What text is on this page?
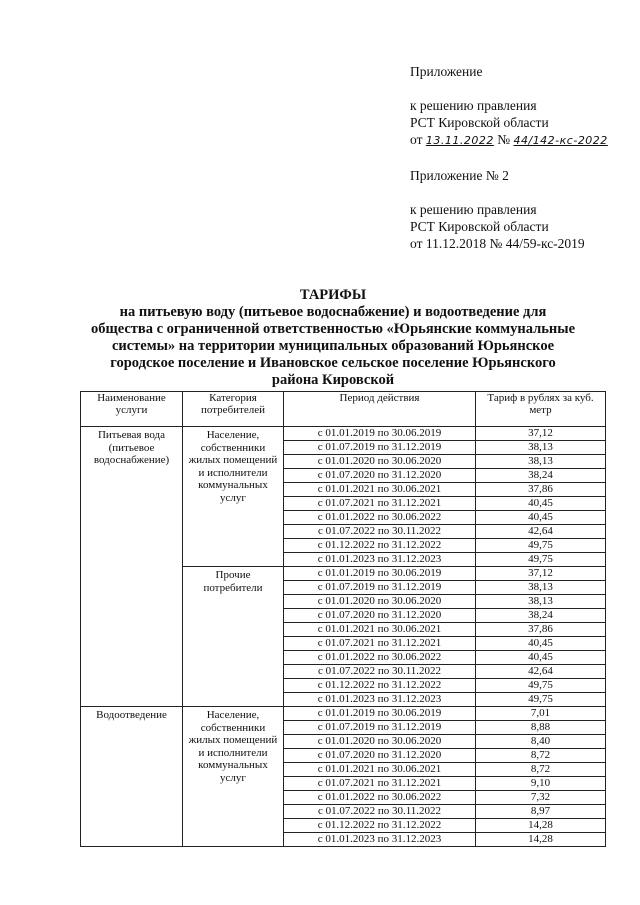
Приложение
к решению правления
РСТ Кировской области
от 13.11.2022 № 44/142-кс-2022
Приложение № 2
к решению правления
РСТ Кировской области
от 11.12.2018 № 44/59-кс-2019
ТАРИФЫ
на питьевую воду (питьевое водоснабжение) и водоотведение для
общества с ограниченной ответственностью «Юрьянские коммунальные
системы» на территории муниципальных образований Юрьянское
городское поселение и Ивановское сельское поселение Юрьянского
района Кировской
Наименование услуги	Категория потребителей	Период действия	Тариф в рублях за куб. метр
Питьевая вода (питьевое водоснабжение)	Население, собственники жилых помещений и исполнители коммунальных услуг	с 01.01.2019 по 30.06.2019	37,12
		с 01.07.2019 по 31.12.2019	38,13
		с 01.01.2020 по 30.06.2020	38,13
		с 01.07.2020 по 31.12.2020	38,24
		с 01.01.2021 по 30.06.2021	37,86
		с 01.07.2021 по 31.12.2021	40,45
		с 01.01.2022 по 30.06.2022	40,45
		с 01.07.2022 по 30.11.2022	42,64
		с 01.12.2022 по 31.12.2022	49,75
		с 01.01.2023 по 31.12.2023	49,75
	Прочие потребители	с 01.01.2019 по 30.06.2019	37,12
		с 01.07.2019 по 31.12.2019	38,13
		с 01.01.2020 по 30.06.2020	38,13
		с 01.07.2020 по 31.12.2020	38,24
		с 01.01.2021 по 30.06.2021	37,86
		с 01.07.2021 по 31.12.2021	40,45
		с 01.01.2022 по 30.06.2022	40,45
		с 01.07.2022 по 30.11.2022	42,64
		с 01.12.2022 по 31.12.2022	49,75
		с 01.01.2023 по 31.12.2023	49,75
Водоотведение	Население, собственники жилых помещений и исполнители коммунальных услуг	с 01.01.2019 по 30.06.2019	7,01
		с 01.07.2019 по 31.12.2019	8,88
		с 01.01.2020 по 30.06.2020	8,40
		с 01.07.2020 по 31.12.2020	8,72
		с 01.01.2021 по 30.06.2021	8,72
		с 01.07.2021 по 31.12.2021	9,10
		с 01.01.2022 по 30.06.2022	7,32
		с 01.07.2022 по 30.11.2022	8,97
		с 01.12.2022 по 31.12.2022	14,28
		с 01.01.2023 по 31.12.2023	14,28
